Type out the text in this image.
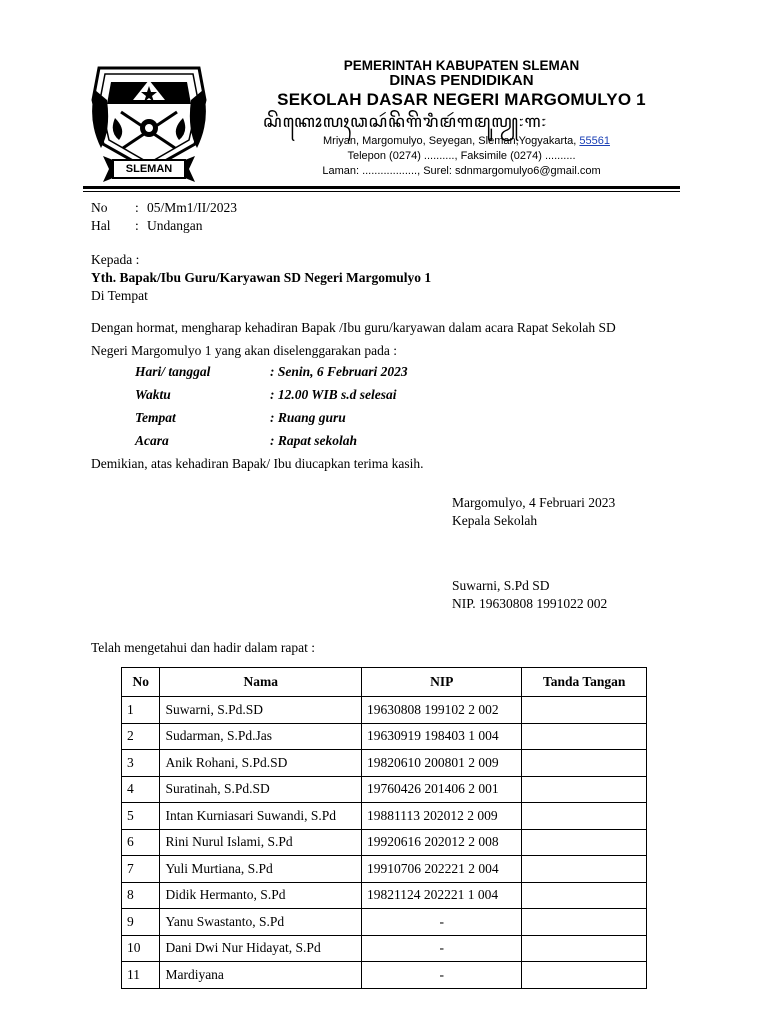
SLEMAN
PEMERINTAH KABUPATEN SLEMAN
DINAS PENDIDIKAN
SEKOLAH DASAR NEGERI MARGOMULYO 1
ꦱꦼꦏꦺꦴꦭꦃꦣꦱꦂꦤꦼꦒꦼꦫꦶꦩꦂꦒꦩꦸꦭꦾ꧇꧑꧇
Mriyan, Margomulyo, Seyegan, Sleman,Yogyakarta, 55561
Telepon (0274) .........., Faksimile (0274) ..........
Laman: .................., Surel: sdnmargomulyo6@gmail.com
No	: 05/Mm1/II/2023
Hal	: Undangan
Kepada :
Yth. Bapak/Ibu Guru/Karyawan SD Negeri Margomulyo 1
Di Tempat
Dengan hormat, mengharap kehadiran Bapak /Ibu guru/karyawan dalam acara Rapat Sekolah SD
Negeri Margomulyo 1 yang akan diselenggarakan pada :
Hari/ tanggal	: Senin, 6 Februari 2023
Waktu	: 12.00 WIB s.d selesai
Tempat	: Ruang guru
Acara	: Rapat sekolah
Demikian, atas kehadiran Bapak/ Ibu diucapkan terima kasih.
Margomulyo, 4 Februari 2023
Kepala Sekolah
Suwarni, S.Pd SD
NIP. 19630808 1991022 002
Telah mengetahui dan hadir dalam rapat :
No	Nama	NIP	Tanda Tangan
1	Suwarni, S.Pd.SD	19630808 199102 2 002	
2	Sudarman, S.Pd.Jas	19630919 198403 1 004	
3	Anik Rohani, S.Pd.SD	19820610 200801 2 009	
4	Suratinah, S.Pd.SD	19760426 201406 2 001	
5	Intan Kurniasari Suwandi, S.Pd	19881113 202012 2 009	
6	Rini Nurul Islami, S.Pd	19920616 202012 2 008	
7	Yuli Murtiana, S.Pd	19910706 202221 2 004	
8	Didik Hermanto, S.Pd	19821124 202221 1 004	
9	Yanu Swastanto, S.Pd	-	
10	Dani Dwi Nur Hidayat, S.Pd	-	
11	Mardiyana	-	
